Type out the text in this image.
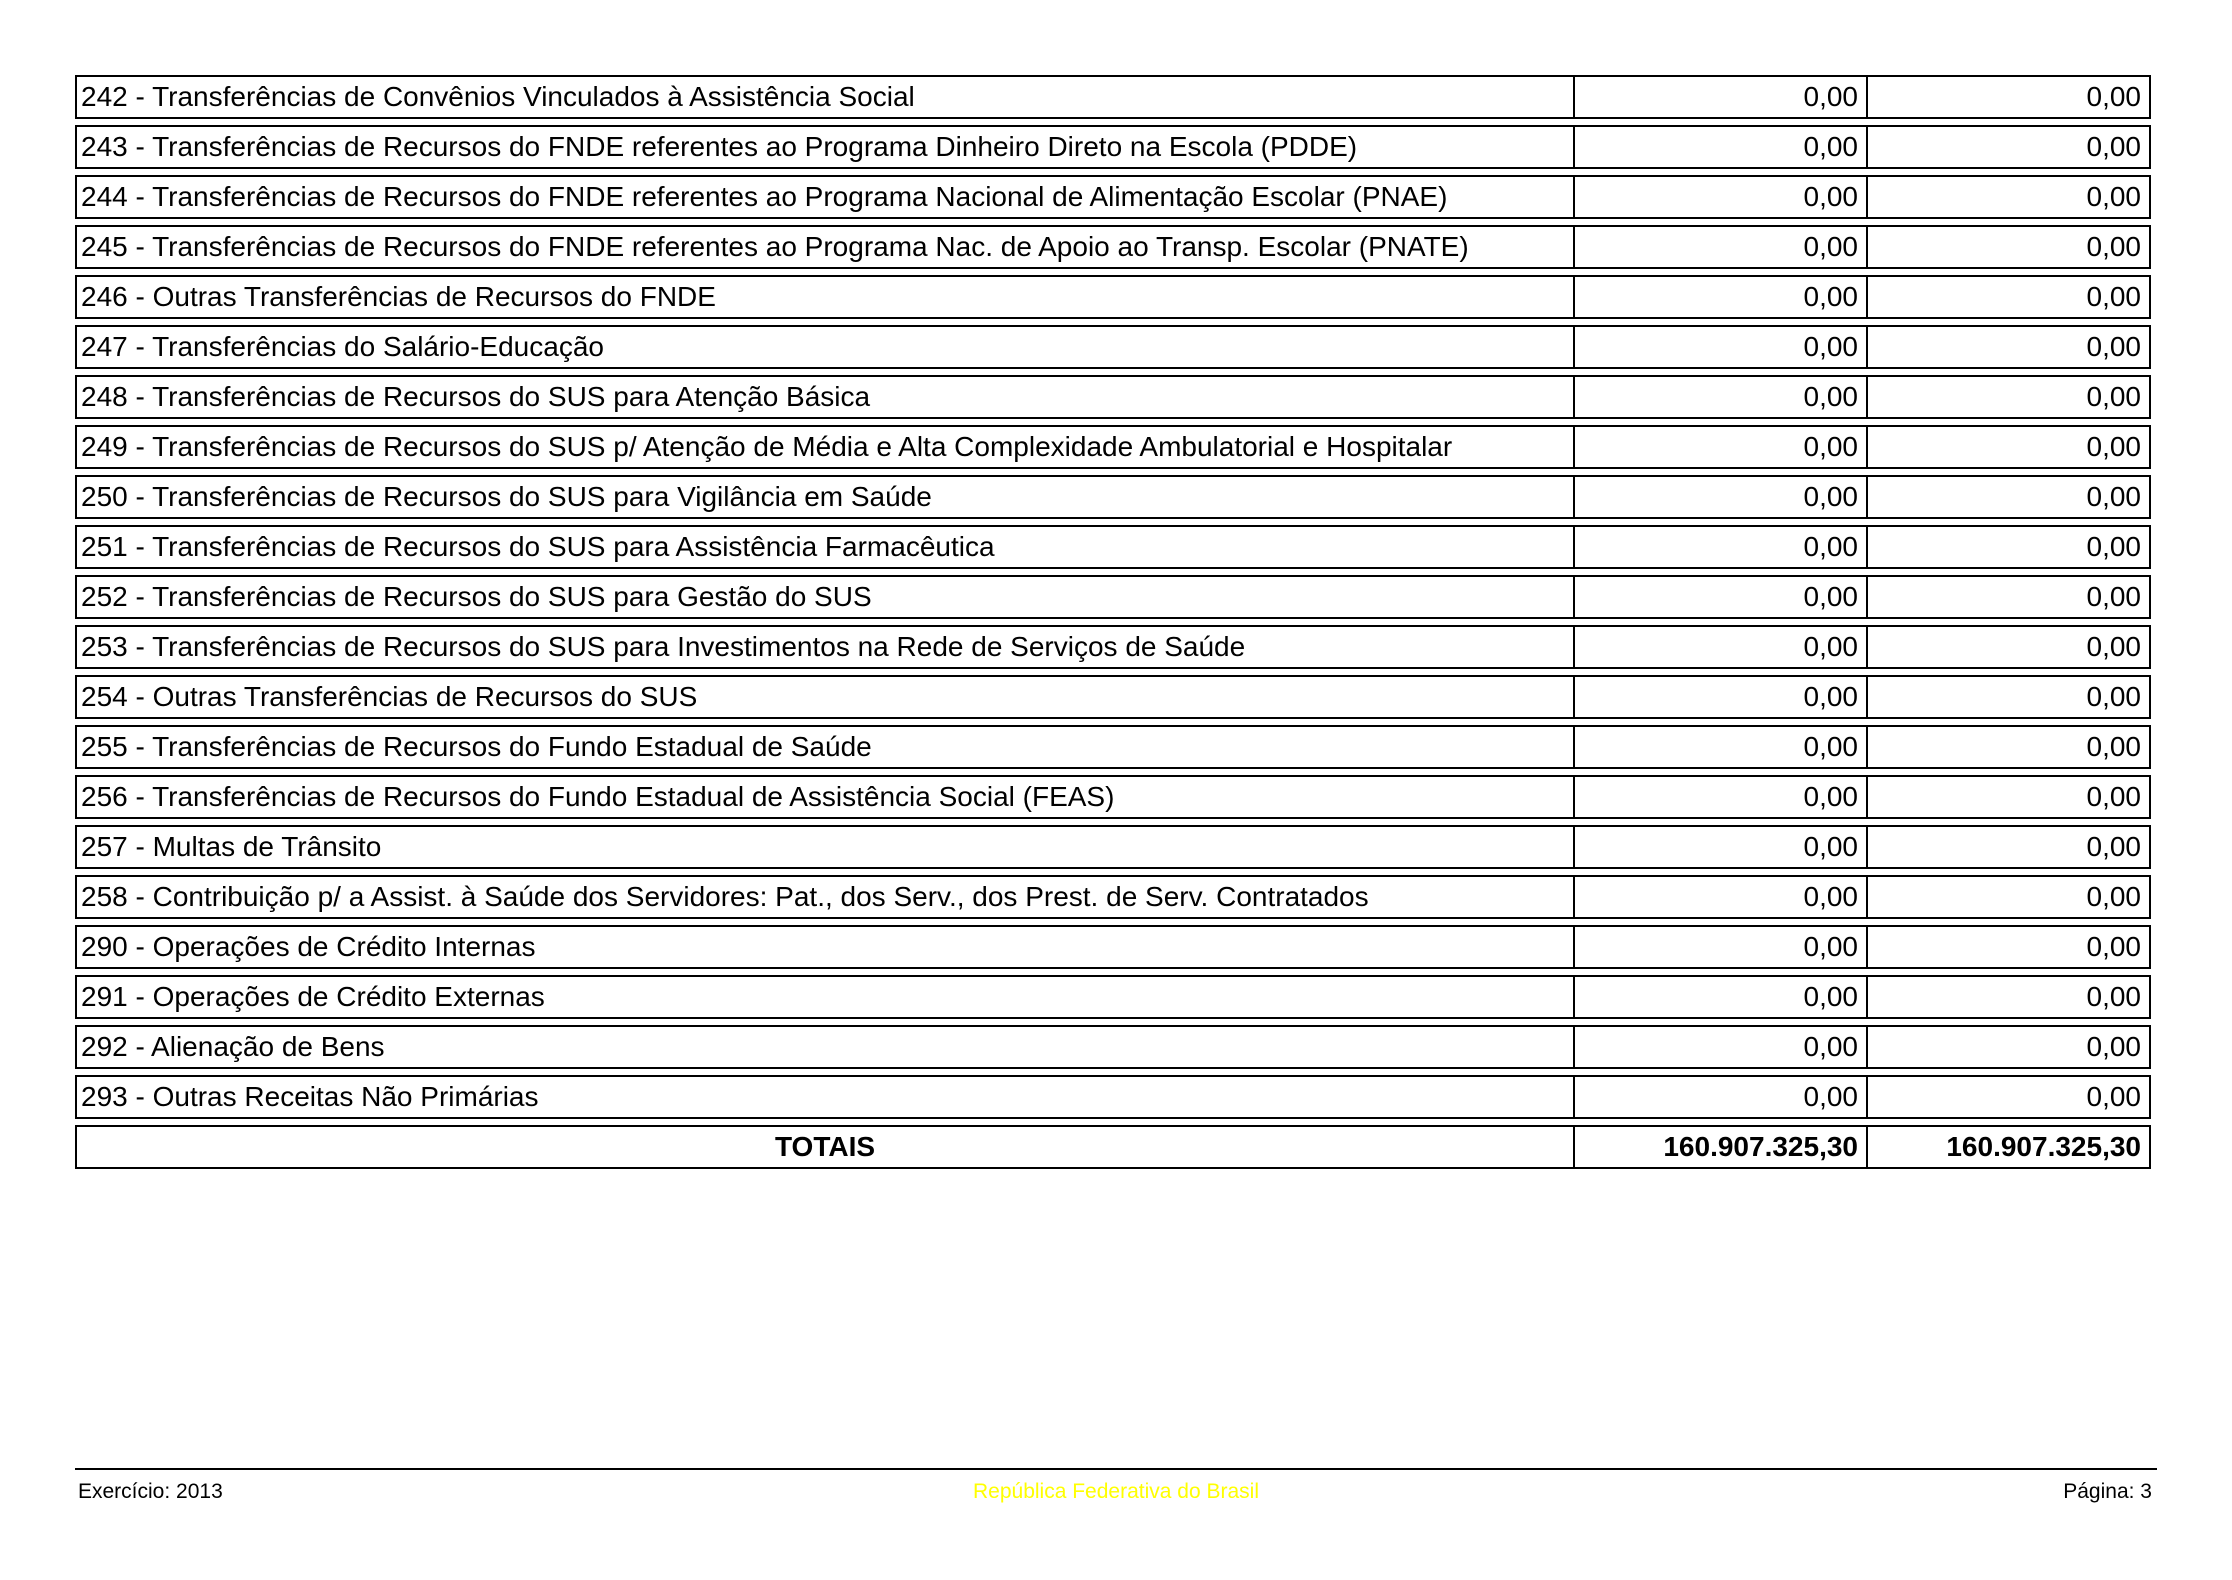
242 - Transferências de Convênios Vinculados à Assistência Social	0,00	0,00
243 - Transferências de Recursos do FNDE referentes ao Programa Dinheiro Direto na Escola (PDDE)	0,00	0,00
244 - Transferências de Recursos do FNDE referentes ao Programa Nacional de Alimentação Escolar (PNAE)	0,00	0,00
245 - Transferências de Recursos do FNDE referentes ao Programa Nac. de Apoio ao Transp. Escolar (PNATE)	0,00	0,00
246 - Outras Transferências de Recursos do FNDE	0,00	0,00
247 - Transferências do Salário-Educação	0,00	0,00
248 - Transferências de Recursos do SUS para Atenção Básica	0,00	0,00
249 - Transferências de Recursos do SUS p/ Atenção de Média e Alta Complexidade Ambulatorial e Hospitalar	0,00	0,00
250 - Transferências de Recursos do SUS para Vigilância em Saúde	0,00	0,00
251 - Transferências de Recursos do SUS para Assistência Farmacêutica	0,00	0,00
252 - Transferências de Recursos do SUS para Gestão do SUS	0,00	0,00
253 - Transferências de Recursos do SUS para Investimentos na Rede de Serviços de Saúde	0,00	0,00
254 - Outras Transferências de Recursos do SUS	0,00	0,00
255 - Transferências de Recursos do Fundo Estadual de Saúde	0,00	0,00
256 - Transferências de Recursos do Fundo Estadual de Assistência Social (FEAS)	0,00	0,00
257 - Multas de Trânsito	0,00	0,00
258 - Contribuição p/ a Assist. à Saúde dos Servidores: Pat., dos Serv., dos Prest. de Serv. Contratados	0,00	0,00
290 - Operações de Crédito Internas	0,00	0,00
291 - Operações de Crédito Externas	0,00	0,00
292 - Alienação de Bens	0,00	0,00
293 - Outras Receitas Não Primárias	0,00	0,00
TOTAIS	160.907.325,30	160.907.325,30
Exercício: 2013	República Federativa do Brasil	Página: 3
